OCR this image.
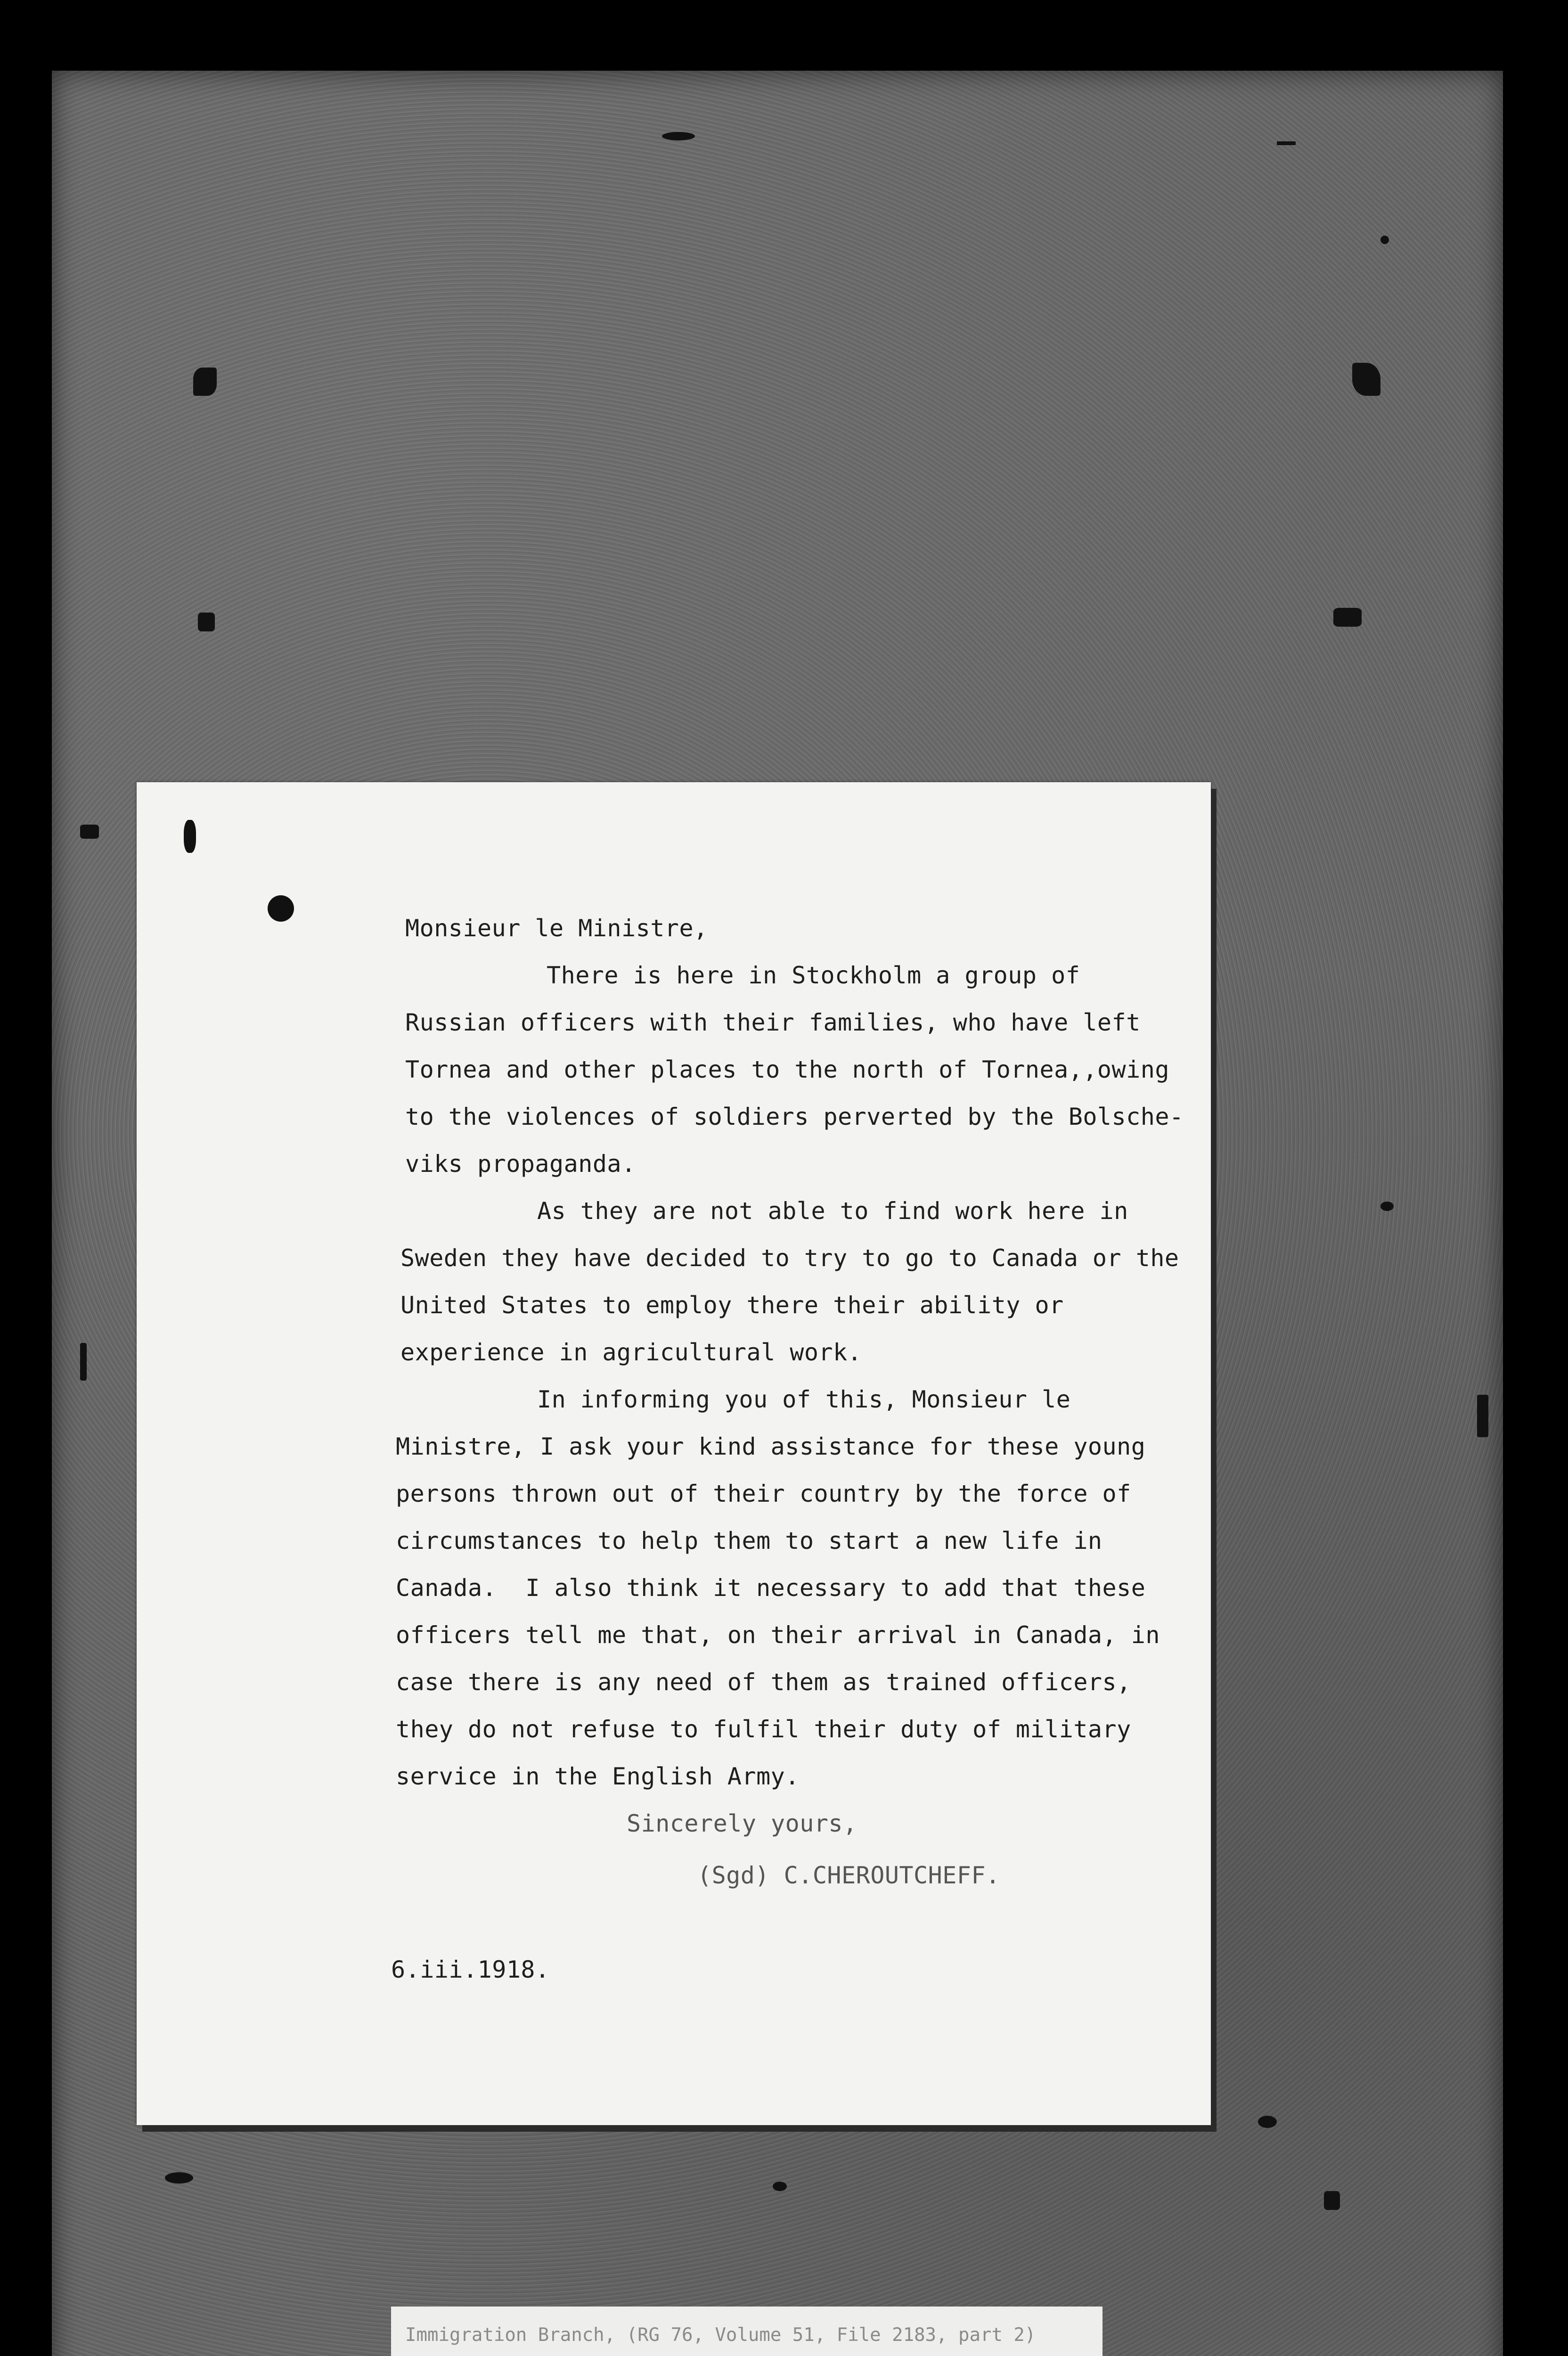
Monsieur le Ministre,

There is here in Stockholm a group of

Russian officers with their families, who have left

Tornea and other places to the north of Tornea,,owing

to the violences of soldiers perverted by the Bolsche-

viks propaganda.

As they are not able to find work here in

Sweden they have decided to try to go to Canada or the

United States to employ there their ability or

experience in agricultural work.

In informing you of this, Monsieur le

Ministre, I ask your kind assistance for these young

persons thrown out of their country by the force of

circumstances to help them to start a new life in

Canada.  I also think it necessary to add that these

officers tell me that, on their arrival in Canada, in

case there is any need of them as trained officers,

they do not refuse to fulfil their duty of military

service in the English Army.

Sincerely yours,

(Sgd) C.CHEROUTCHEFF.

6.iii.1918.

Immigration Branch, (RG 76, Volume 51, File 2183, part 2)
